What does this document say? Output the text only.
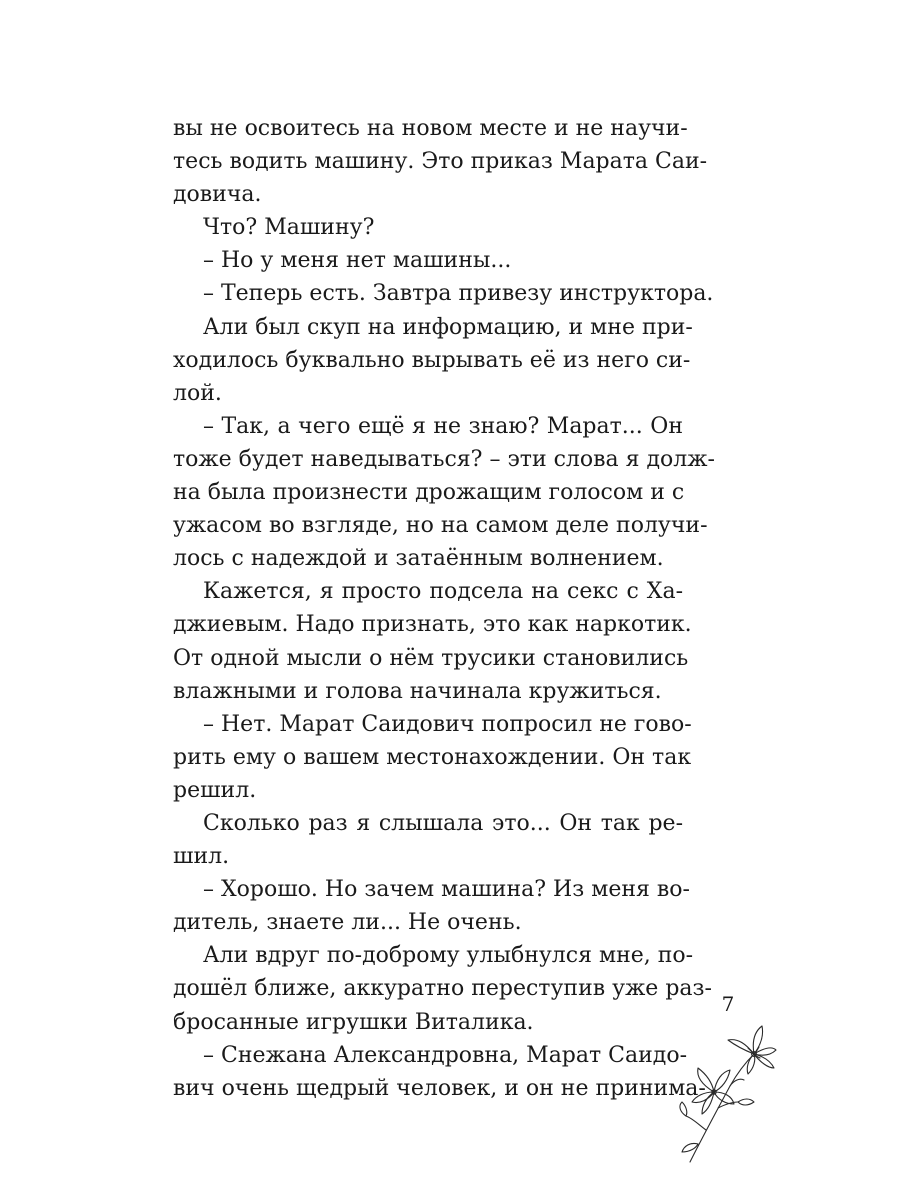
вы не освоитесь на новом месте и не научи-
тесь водить машину. Это приказ Марата Саи-
довича.
Что? Машину?
– Но у меня нет машины...
– Теперь есть. Завтра привезу инструктора.
Али был скуп на информацию, и мне при-
ходилось буквально вырывать её из него си-
лой.
– Так, а чего ещё я не знаю? Марат... Он
тоже будет наведываться? – эти слова я долж-
на была произнести дрожащим голосом и с
ужасом во взгляде, но на самом деле получи-
лось с надеждой и затаённым волнением.
Кажется, я просто подсела на секс с Ха-
джиевым. Надо признать, это как наркотик.
От одной мысли о нём трусики становились
влажными и голова начинала кружиться.
– Нет. Марат Саидович попросил не гово-
рить ему о вашем местонахождении. Он так
решил.
Сколько раз я слышала это... Он так ре-
шил.
– Хорошо. Но зачем машина? Из меня во-
дитель, знаете ли... Не очень.
Али вдруг по-доброму улыбнулся мне, по-
дошёл ближе, аккуратно переступив уже раз-
бросанные игрушки Виталика.
– Снежана Александровна, Марат Саидо-
вич очень щедрый человек, и он не принима-
7
